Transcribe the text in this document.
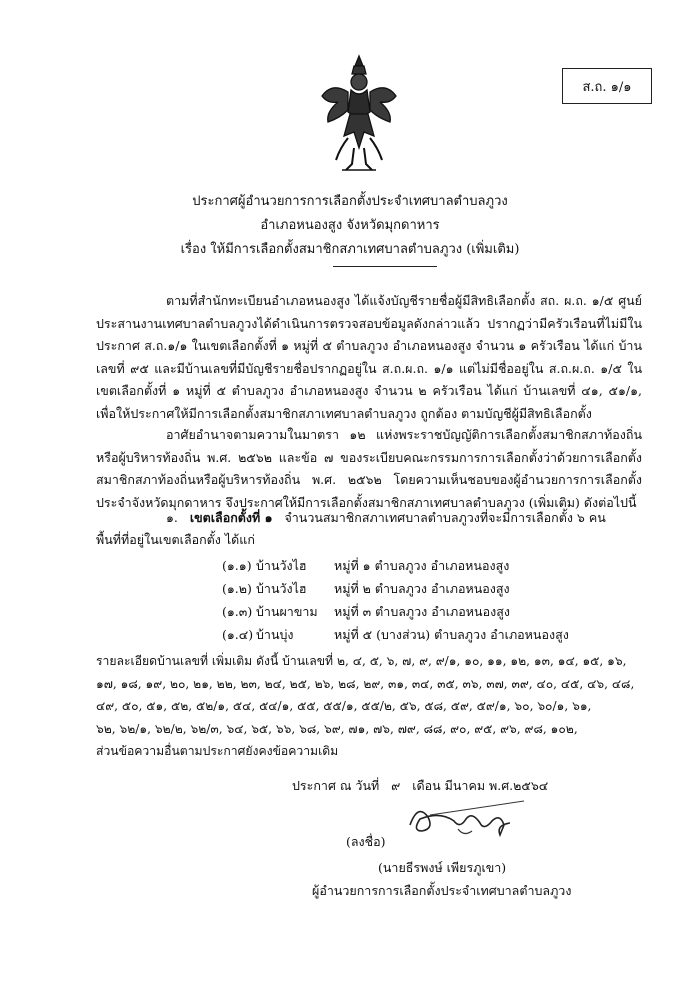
ส.ถ. ๑/๑
ประกาศผู้อำนวยการการเลือกตั้งประจำเทศบาลตำบลภูวง
อำเภอหนองสูง จังหวัดมุกดาหาร
เรื่อง ให้มีการเลือกตั้งสมาชิกสภาเทศบาลตำบลภูวง (เพิ่มเติม)
ตามที่สำนักทะเบียนอำเภอหนองสูง ได้แจ้งบัญชีรายชื่อผู้มีสิทธิเลือกตั้ง สถ. ผ.ถ. ๑/๕ ศูนย์ประสานงานเทศบาลตำบลภูวงได้ดำเนินการตรวจสอบข้อมูลดังกล่าวแล้ว ปรากฏว่ามีครัวเรือนที่ไม่มีในประกาศ ส.ถ.๑/๑ ในเขตเลือกตั้งที่ ๑ หมู่ที่ ๕ ตำบลภูวง อำเภอหนองสูง จำนวน ๑ ครัวเรือน ได้แก่ บ้านเลขที่ ๙๕ และมีบ้านเลขที่มีบัญชีรายชื่อปรากฏอยู่ใน ส.ถ.ผ.ถ. ๑/๑ แต่ไม่มีชื่ออยู่ใน ส.ถ.ผ.ถ. ๑/๕ ในเขตเลือกตั้งที่ ๑ หมู่ที่ ๕ ตำบลภูวง อำเภอหนองสูง จำนวน ๒ ครัวเรือน ได้แก่ บ้านเลขที่ ๔๑, ๕๑/๑, เพื่อให้ประกาศให้มีการเลือกตั้งสมาชิกสภาเทศบาลตำบลภูวง ถูกต้อง ตามบัญชีผู้มีสิทธิเลือกตั้ง
อาศัยอำนาจตามความในมาตรา ๑๒ แห่งพระราชบัญญัติการเลือกตั้งสมาชิกสภาท้องถิ่นหรือผู้บริหารท้องถิ่น พ.ศ. ๒๕๖๒ และข้อ ๗ ของระเบียบคณะกรรมการการเลือกตั้งว่าด้วยการเลือกตั้งสมาชิกสภาท้องถิ่นหรือผู้บริหารท้องถิ่น พ.ศ. ๒๕๖๒ โดยความเห็นชอบของผู้อำนวยการการเลือกตั้งประจำจังหวัดมุกดาหาร จึงประกาศให้มีการเลือกตั้งสมาชิกสภาเทศบาลตำบลภูวง (เพิ่มเติม) ดังต่อไปนี้
๑. เขตเลือกตั้งที่ ๑ จำนวนสมาชิกสภาเทศบาลตำบลภูวงที่จะมีการเลือกตั้ง ๖ คน
พื้นที่ที่อยู่ในเขตเลือกตั้ง ได้แก่
(๑.๑) บ้านวังไฮ หมู่ที่ ๑ ตำบลภูวง อำเภอหนองสูง
(๑.๒) บ้านวังไฮ หมู่ที่ ๒ ตำบลภูวง อำเภอหนองสูง
(๑.๓) บ้านผาขาม หมู่ที่ ๓ ตำบลภูวง อำเภอหนองสูง
(๑.๔) บ้านบุ่ง	หมู่ที่ ๕ (บางส่วน) ตำบลภูวง อำเภอหนองสูง
รายละเอียดบ้านเลขที่ เพิ่มเติม ดังนี้ บ้านเลขที่ ๒, ๔, ๕, ๖, ๗, ๙, ๙/๑, ๑๐, ๑๑, ๑๒, ๑๓, ๑๔, ๑๕, ๑๖,
๑๗, ๑๘, ๑๙, ๒๐, ๒๑, ๒๒, ๒๓, ๒๔, ๒๕, ๒๖, ๒๘, ๒๙, ๓๑, ๓๔, ๓๕, ๓๖, ๓๗, ๓๙, ๔๐, ๔๕, ๔๖, ๔๘,
๔๙, ๕๐, ๕๑, ๕๒, ๕๒/๑, ๕๔, ๕๔/๑, ๕๕, ๕๕/๑, ๕๕/๒, ๕๖, ๕๘, ๕๙, ๕๙/๑, ๖๐, ๖๐/๑, ๖๑,
๖๒, ๖๒/๑, ๖๒/๒, ๖๒/๓, ๖๔, ๖๕, ๖๖, ๖๘, ๖๙, ๗๑, ๗๖, ๗๙, ๘๘, ๙๐, ๙๕, ๙๖, ๙๘, ๑๐๒,
ส่วนข้อความอื่นตามประกาศยังคงข้อความเดิม
ประกาศ ณ วันที่ ๙ เดือน มีนาคม พ.ศ.๒๕๖๔
(ลงชื่อ)
(นายธีรพงษ์ เพียรภูเขา)
ผู้อำนวยการการเลือกตั้งประจำเทศบาลตำบลภูวง
